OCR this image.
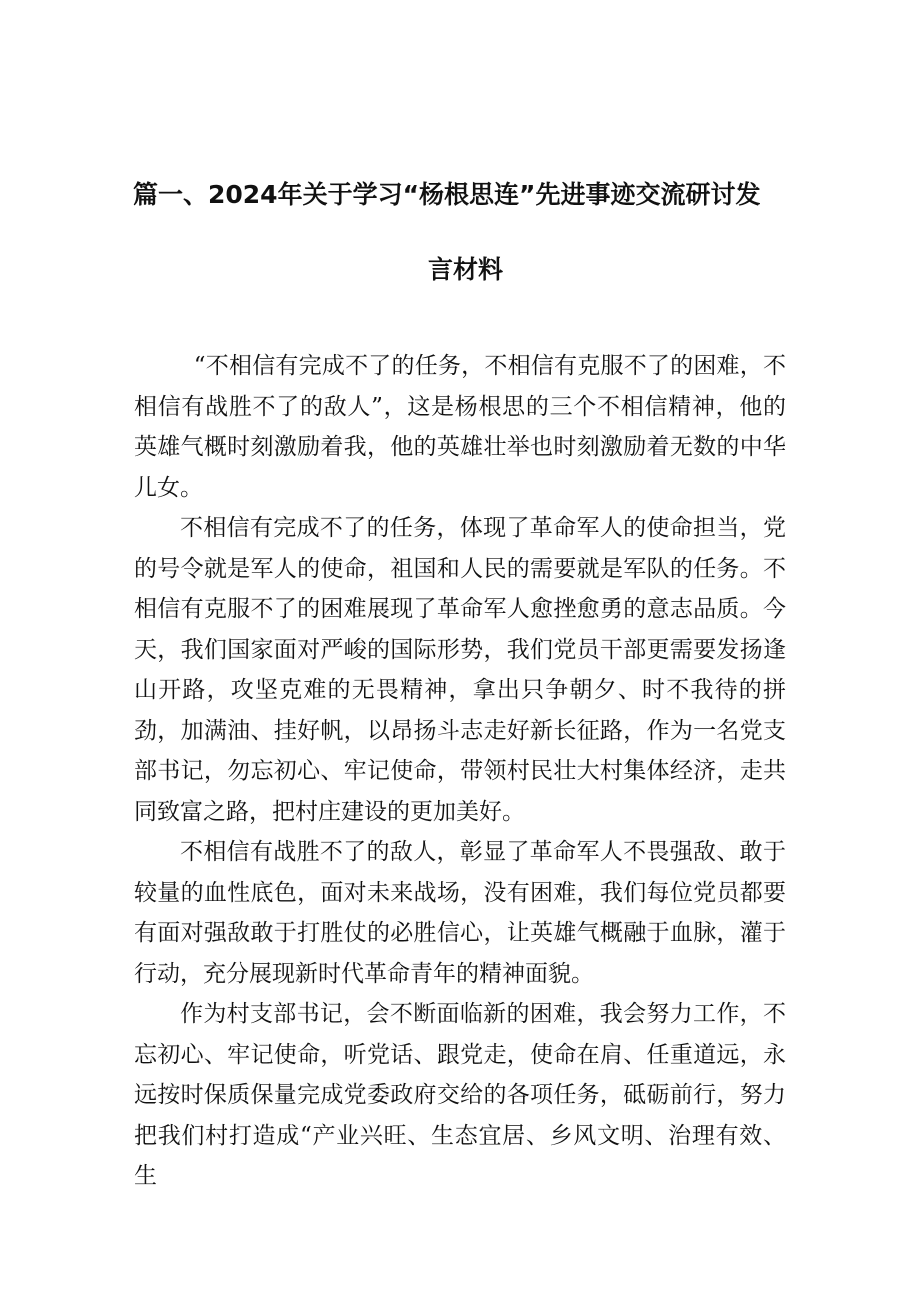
篇一、2024年关于学习“杨根思连”先进事迹交流研讨发
言材料

“不相信有完成不了的任务，不相信有克服不了的困难，不相信有战胜不了的敌人”，这是杨根思的三个不相信精神，他的英雄气概时刻激励着我，他的英雄壮举也时刻激励着无数的中华儿女。

不相信有完成不了的任务，体现了革命军人的使命担当，党的号令就是军人的使命，祖国和人民的需要就是军队的任务。不相信有克服不了的困难展现了革命军人愈挫愈勇的意志品质。今天，我们国家面对严峻的国际形势，我们党员干部更需要发扬逢山开路，攻坚克难的无畏精神，拿出只争朝夕、时不我待的拼劲，加满油、挂好帆，以昂扬斗志走好新长征路，作为一名党支部书记，勿忘初心、牢记使命，带领村民壮大村集体经济，走共同致富之路，把村庄建设的更加美好。

不相信有战胜不了的敌人，彰显了革命军人不畏强敌、敢于较量的血性底色，面对未来战场，没有困难，我们每位党员都要有面对强敌敢于打胜仗的必胜信心，让英雄气概融于血脉，灌于行动，充分展现新时代革命青年的精神面貌。

作为村支部书记，会不断面临新的困难，我会努力工作，不忘初心、牢记使命，听党话、跟党走，使命在肩、任重道远，永远按时保质保量完成党委政府交给的各项任务，砥砺前行，努力把我们村打造成“产业兴旺、生态宜居、乡风文明、治理有效、生
